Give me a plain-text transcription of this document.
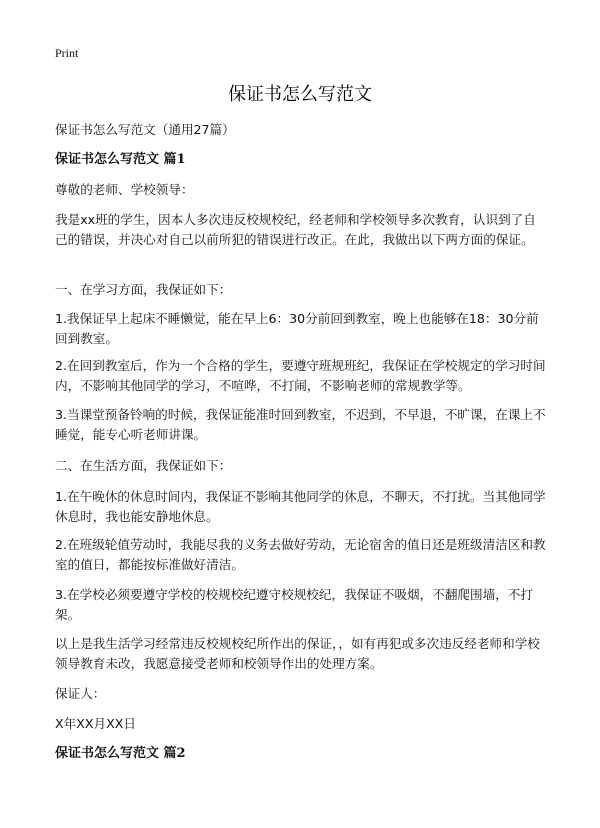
Print
保证书怎么写范文

保证书怎么写范文（通用27篇）

保证书怎么写范文 篇1

尊敬的老师、学校领导：

我是xx班的学生，因本人多次违反校规校纪，经老师和学校领导多次教育，认识到了自己的错误，并决心对自己以前所犯的错误进行改正。在此，我做出以下两方面的保证。

一、在学习方面，我保证如下：

1.我保证早上起床不睡懒觉，能在早上6：30分前回到教室，晚上也能够在18：30分前回到教室。

2.在回到教室后，作为一个合格的学生，要遵守班规班纪，我保证在学校规定的学习时间内，不影响其他同学的学习，不喧哗，不打闹，不影响老师的常规教学等。

3.当课堂预备铃响的时候，我保证能准时回到教室，不迟到，不早退，不旷课，在课上不睡觉，能专心听老师讲课。

二、在生活方面，我保证如下：

1.在午晚休的休息时间内，我保证不影响其他同学的休息，不聊天，不打扰。当其他同学休息时，我也能安静地休息。

2.在班级轮值劳动时，我能尽我的义务去做好劳动，无论宿舍的值日还是班级清洁区和教室的值日，都能按标准做好清洁。

3.在学校必须要遵守学校的校规校纪遵守校规校纪，我保证不吸烟，不翻爬围墙，不打架。

以上是我生活学习经常违反校规校纪所作出的保证，，如有再犯或多次违反经老师和学校领导教育未改，我愿意接受老师和校领导作出的处理方案。

保证人：

X年XX月XX日

保证书怎么写范文 篇2
